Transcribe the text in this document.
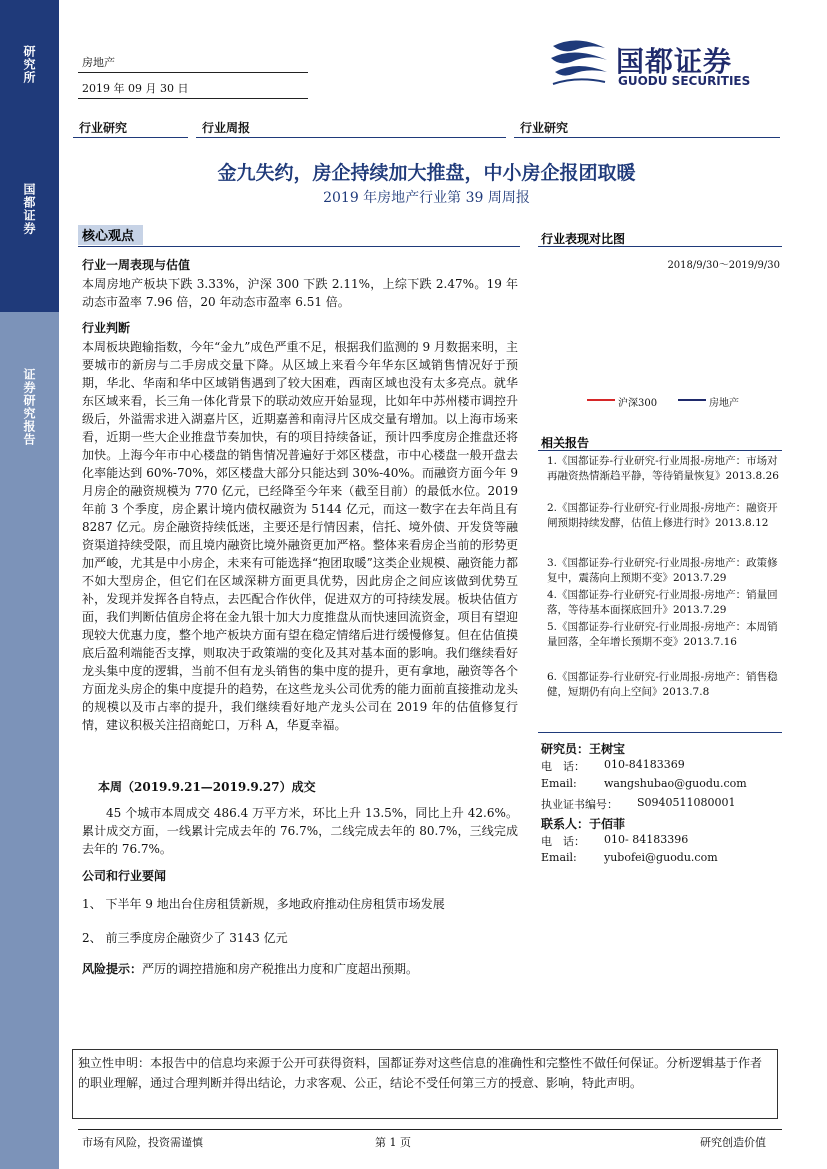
研究所
国都证券
证券研究报告
房地产
2019 年 09 月 30 日
国都证券
GUODU SECURITIES
行业研究	行业周报	行业研究
金九失约，房企持续加大推盘，中小房企报团取暖
2019 年房地产行业第 39 周周报
核心观点
行业一周表现与估值
本周房地产板块下跌 3.33%，沪深 300 下跌 2.11%，上综下跌 2.47%。19 年动态市盈率 7.96 倍，20 年动态市盈率 6.51 倍。
行业判断
本周板块跑输指数，今年“金九”成色严重不足，根据我们监测的 9 月数据来明，主要城市的新房与二手房成交量下降。从区域上来看今年华东区域销售情况好于预期，华北、华南和华中区域销售遇到了较大困难，西南区域也没有太多亮点。就华东区域来看，长三角一体化背景下的联动效应开始显现，比如年中苏州楼市调控升级后，外溢需求进入湖嘉片区，近期嘉善和南浔片区成交量有增加。以上海市场来看，近期一些大企业推盘节奏加快，有的项目持续备证，预计四季度房企推盘还将加快。上海今年市中心楼盘的销售情况普遍好于郊区楼盘，市中心楼盘一般开盘去化率能达到 60%-70%，郊区楼盘大部分只能达到 30%-40%。而融资方面今年 9 月房企的融资规模为 770 亿元，已经降至今年来（截至目前）的最低水位。2019 年前 3 个季度，房企累计境内债权融资为 5144 亿元，而这一数字在去年尚且有 8287 亿元。房企融资持续低迷，主要还是行情因素，信托、境外债、开发贷等融资渠道持续受限，而且境内融资比境外融资更加严格。整体来看房企当前的形势更加严峻，尤其是中小房企，未来有可能选择“抱团取暖”这类企业规模、融资能力都不如大型房企，但它们在区域深耕方面更具优势，因此房企之间应该做到优势互补，发现并发挥各自特点，去匹配合作伙伴，促进双方的可持续发展。板块估值方面，我们判断估值房企将在金九银十加大力度推盘从而快速回流资金，项目有望迎现较大优惠力度，整个地产板块方面有望在稳定情绪后进行缓慢修复。但在估值摸底后盈利端能否支撑，则取决于政策端的变化及其对基本面的影响。我们继续看好龙头集中度的逻辑，当前不但有龙头销售的集中度的提升，更有拿地，融资等各个方面龙头房企的集中度提升的趋势，在这些龙头公司优秀的能力面前直接推动龙头的规模以及市占率的提升，我们继续看好地产龙头公司在 2019 年的估值修复行情，建议积极关注招商蛇口，万科 A，华夏幸福。
本周（2019.9.21—2019.9.27）成交
45 个城市本周成交 486.4 万平方米，环比上升 13.5%，同比上升 42.6%。累计成交方面，一线累计完成去年的 76.7%，二线完成去年的 80.7%，三线完成去年的 76.7%。
公司和行业要闻
1、 下半年 9 地出台住房租赁新规，多地政府推动住房租赁市场发展
2、 前三季度房企融资少了 3143 亿元
风险提示：严厉的调控措施和房产税推出力度和广度超出预期。
行业表现对比图
2018/9/30～2019/9/30
沪深300	房地产
相关报告
1.《国都证券-行业研究-行业周报-房地产：市场对再融资热情渐趋平静，等待销量恢复》2013.8.26
2.《国都证券-行业研究-行业周报-房地产：融资开闸预期持续发酵，估值上修进行时》2013.8.12
3.《国都证券-行业研究-行业周报-房地产：政策修复中，震荡向上预期不变》2013.7.29
4.《国都证券-行业研究-行业周报-房地产：销量回落，等待基本面探底回升》2013.7.29
5.《国都证券-行业研究-行业周报-房地产：本周销量回落，全年增长预期不变》2013.7.16
6.《国都证券-行业研究-行业周报-房地产：销售稳健，短期仍有向上空间》2013.7.8
研究员：王树宝
电　话： 010-84183369
Email: wangshubao@guodu.com
执业证书编号： S0940511080001
联系人：于佰菲
电　话： 010- 84183396
Email: yubofei@guodu.com
独立性申明：本报告中的信息均来源于公开可获得资料，国都证券对这些信息的准确性和完整性不做任何保证。分析逻辑基于作者的职业理解，通过合理判断并得出结论，力求客观、公正，结论不受任何第三方的授意、影响，特此声明。
市场有风险，投资需谨慎	第 1 页	研究创造价值
